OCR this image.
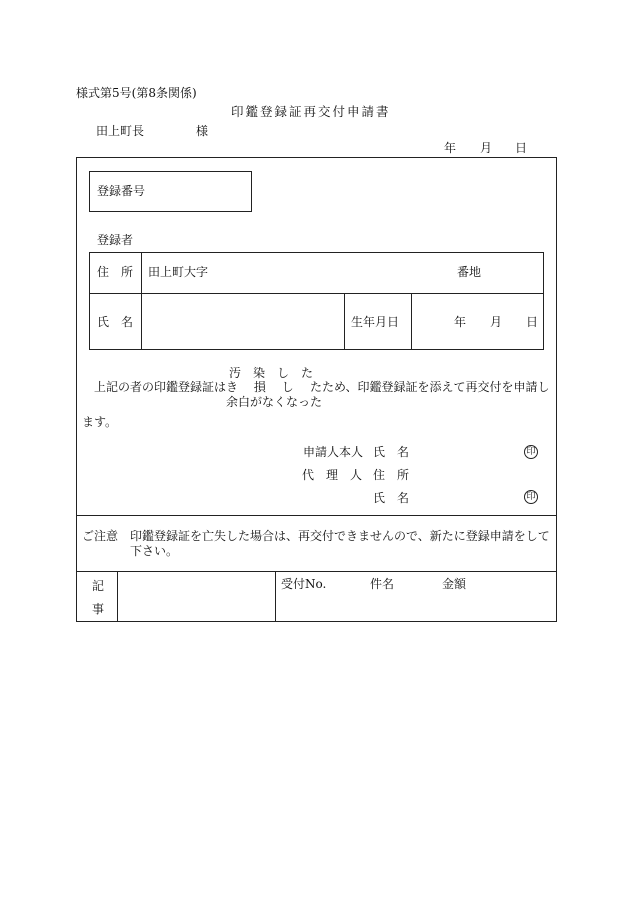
様式第5号(第8条関係)
印鑑登録証再交付申請書
田上町長	様
年 月 日
登録番号
登録者
住　所 田上町大字	番地
氏　名	生年月日	年 月 日
汚　染　し　た
上記の者の印鑑登録証は き　 損 　し たため、印鑑登録証を添えて再交付を申請し
余白がなくなった
ます。
申請人本人 氏　名	印
代　理　人 住　所
氏　名	印
ご注意 印鑑登録証を亡失した場合は、再交付できませんので、新たに登録申請をして
下さい。
記
事
受付No.	件名	金額
